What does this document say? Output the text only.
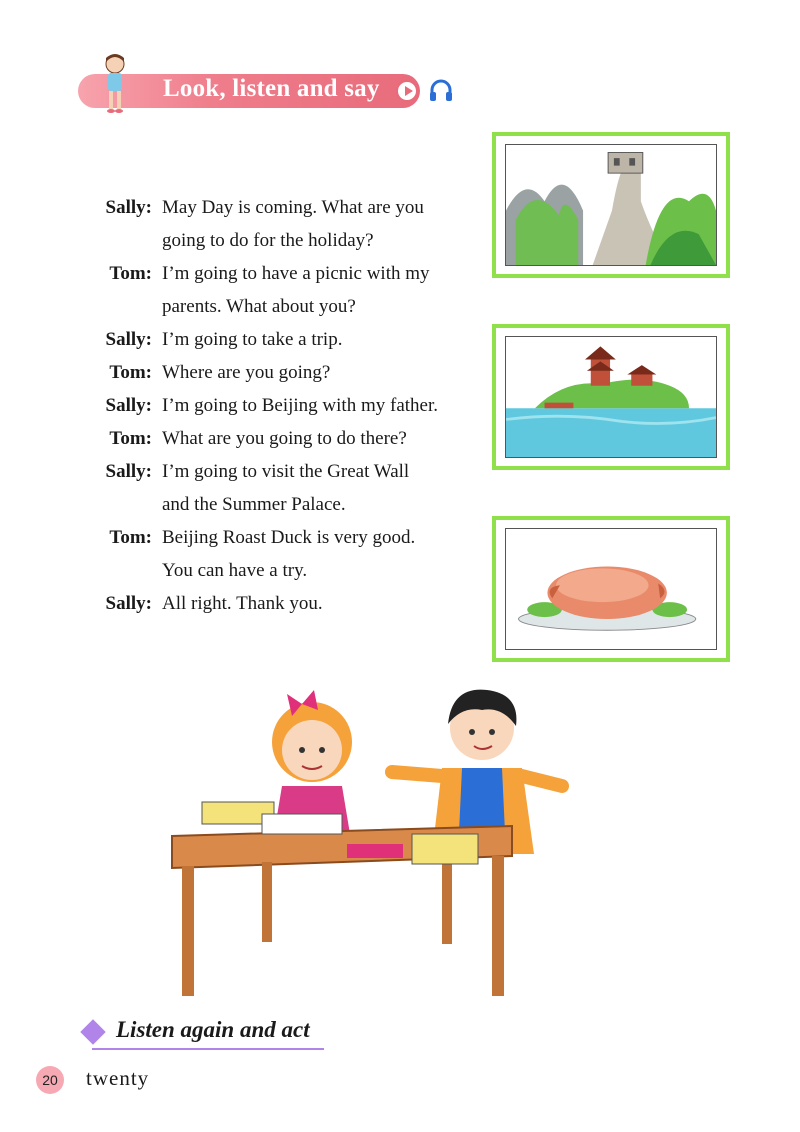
Look, listen and say
Sally: May Day is coming. What are you
going to do for the holiday?
Tom: I’m going to have a picnic with my
parents. What about you?
Sally: I’m going to take a trip.
Tom: Where are you going?
Sally: I’m going to Beijing with my father.
Tom: What are you going to do there?
Sally: I’m going to visit the Great Wall
and the Summer Palace.
Tom: Beijing Roast Duck is very good.
You can have a try.
Sally: All right. Thank you.
Listen again and act
20 twenty
